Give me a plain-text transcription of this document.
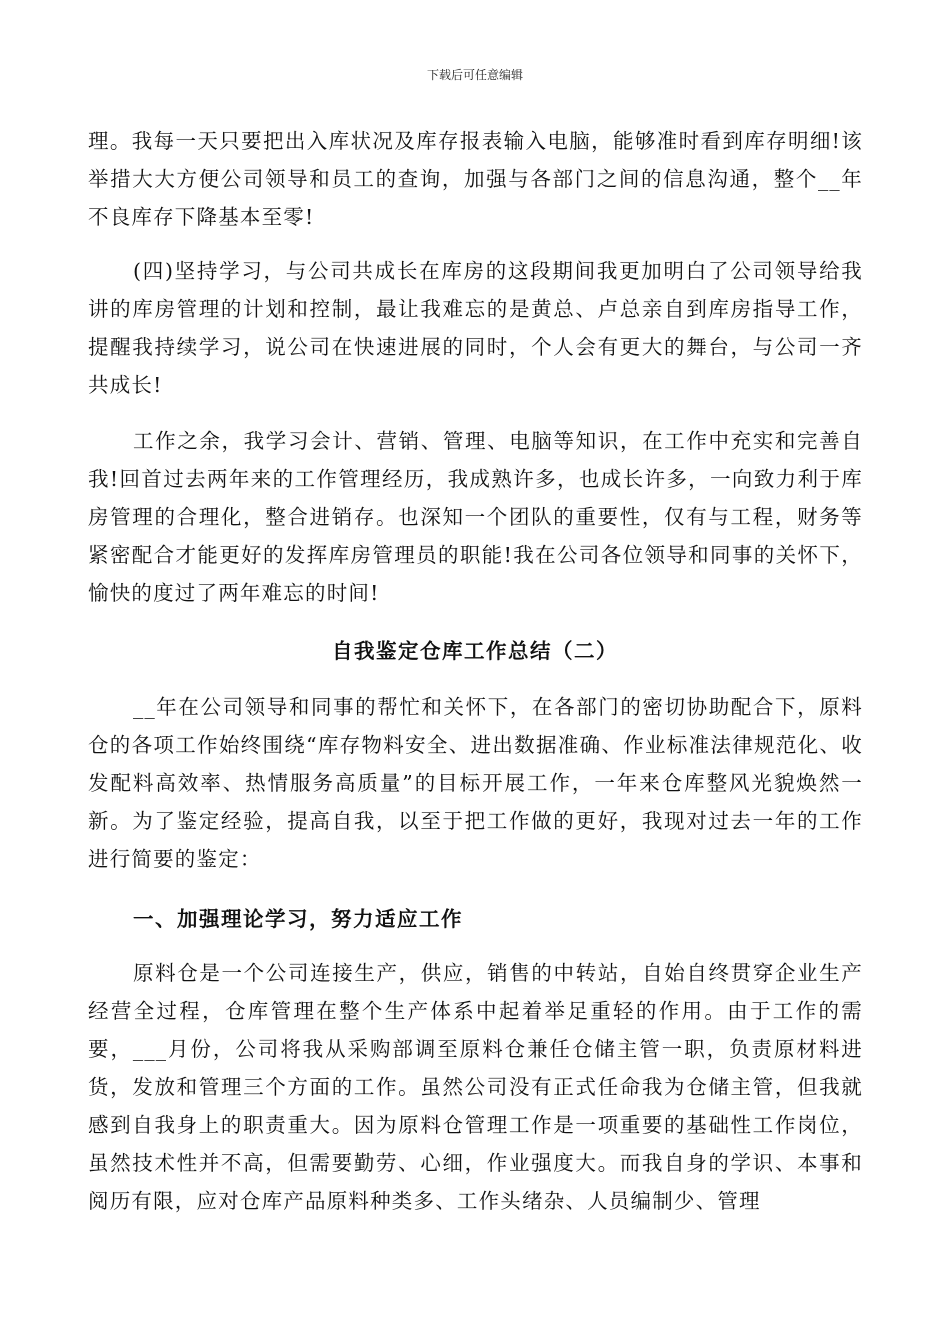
下载后可任意编辑

理。我每一天只要把出入库状况及库存报表输入电脑，能够准时看到库存明细!该举措大大方便公司领导和员工的查询，加强与各部门之间的信息沟通，整个__年不良库存下降基本至零!

(四)坚持学习，与公司共成长在库房的这段期间我更加明白了公司领导给我讲的库房管理的计划和控制，最让我难忘的是黄总、卢总亲自到库房指导工作，提醒我持续学习，说公司在快速进展的同时，个人会有更大的舞台，与公司一齐共成长!

工作之余，我学习会计、营销、管理、电脑等知识，在工作中充实和完善自我!回首过去两年来的工作管理经历，我成熟许多，也成长许多，一向致力利于库房管理的合理化，整合进销存。也深知一个团队的重要性，仅有与工程，财务等紧密配合才能更好的发挥库房管理员的职能!我在公司各位领导和同事的关怀下，愉快的度过了两年难忘的时间!

自我鉴定仓库工作总结（二）

__年在公司领导和同事的帮忙和关怀下，在各部门的密切协助配合下，原料仓的各项工作始终围绕“库存物料安全、进出数据准确、作业标准法律规范化、收发配料高效率、热情服务高质量”的目标开展工作，一年来仓库整风光貌焕然一新。为了鉴定经验，提高自我，以至于把工作做的更好，我现对过去一年的工作进行简要的鉴定：

一、加强理论学习，努力适应工作

原料仓是一个公司连接生产，供应，销售的中转站，自始自终贯穿企业生产经营全过程，仓库管理在整个生产体系中起着举足重轻的作用。由于工作的需要，___月份，公司将我从采购部调至原料仓兼任仓储主管一职，负责原材料进货，发放和管理三个方面的工作。虽然公司没有正式任命我为仓储主管，但我就感到自我身上的职责重大。因为原料仓管理工作是一项重要的基础性工作岗位，虽然技术性并不高，但需要勤劳、心细，作业强度大。而我自身的学识、本事和阅历有限，应对仓库产品原料种类多、工作头绪杂、人员编制少、管理
